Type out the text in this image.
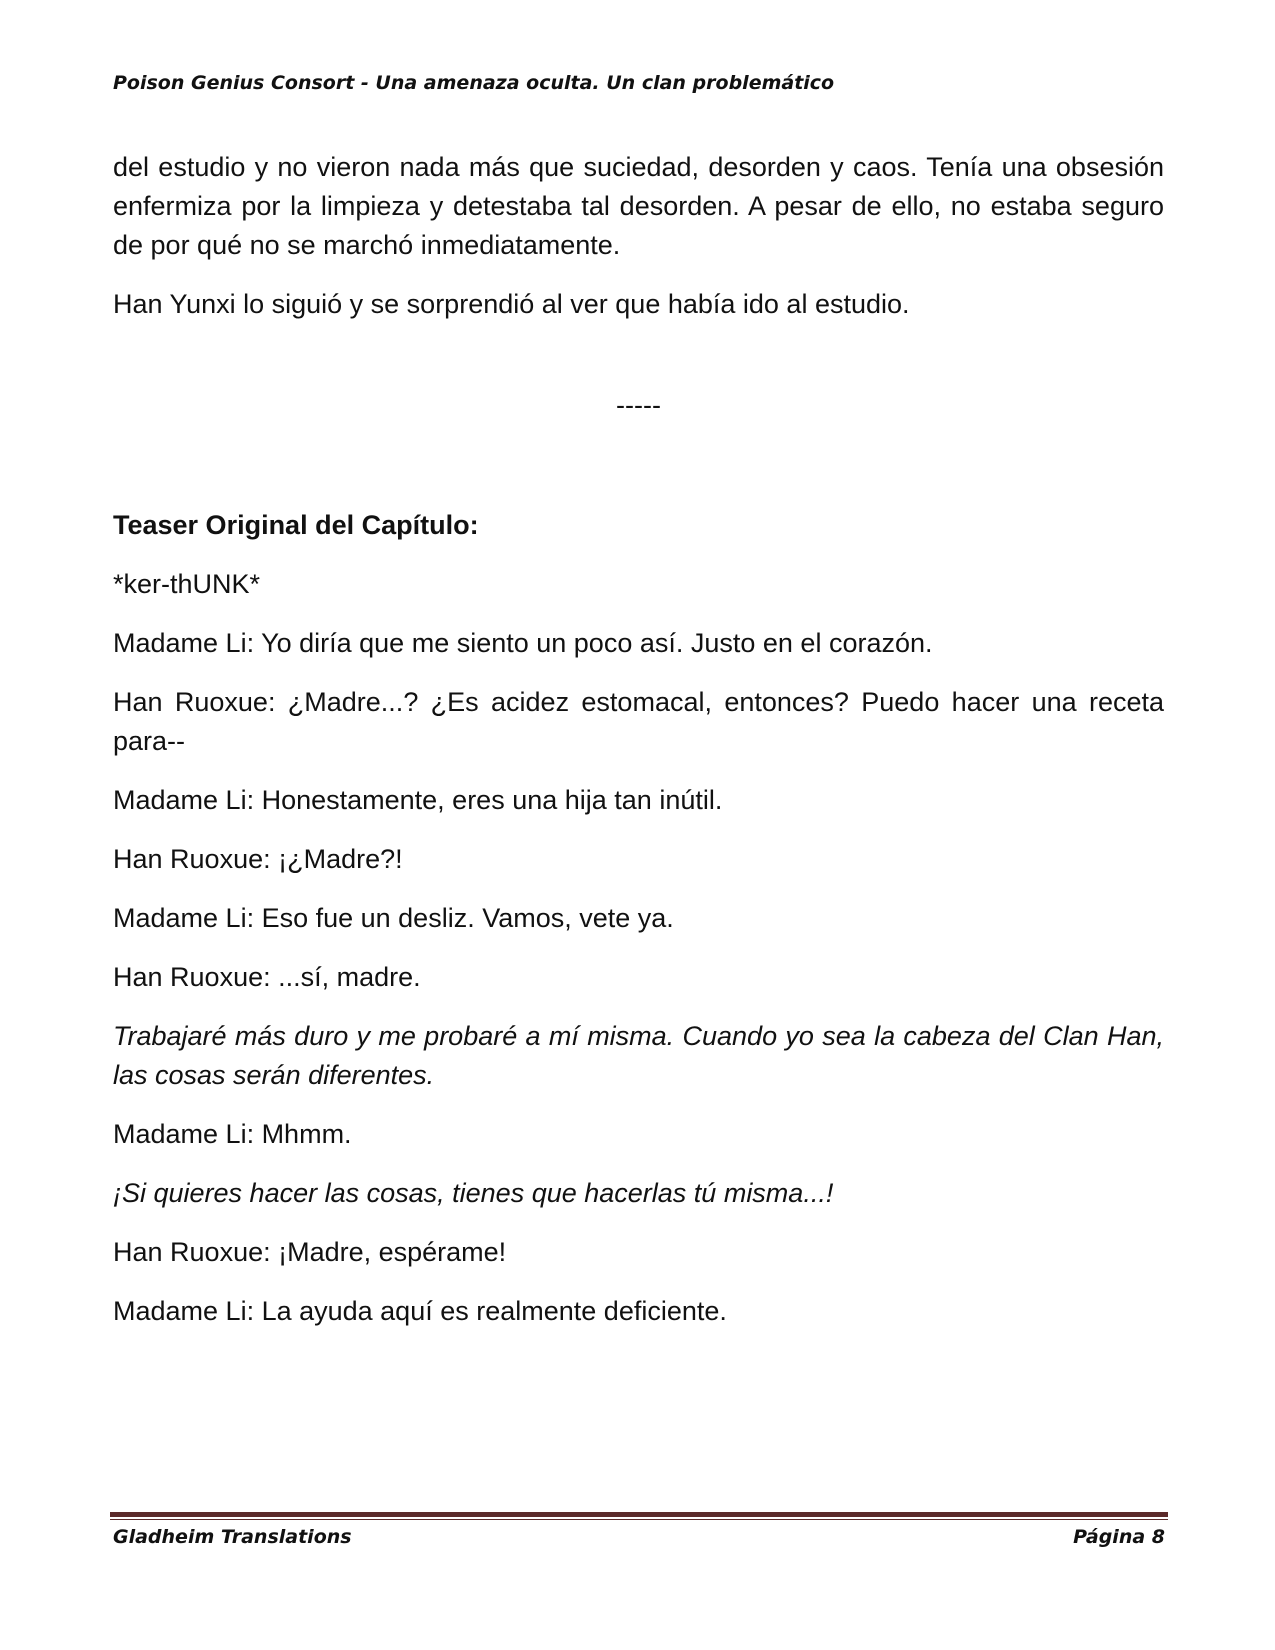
Poison Genius Consort - Una amenaza oculta. Un clan problemático

del estudio y no vieron nada más que suciedad, desorden y caos. Tenía una obsesión enfermiza por la limpieza y detestaba tal desorden. A pesar de ello, no estaba seguro de por qué no se marchó inmediatamente.

Han Yunxi lo siguió y se sorprendió al ver que había ido al estudio.

-----
Teaser Original del Capítulo:

*ker-thUNK*

Madame Li: Yo diría que me siento un poco así. Justo en el corazón.

Han Ruoxue: ¿Madre...? ¿Es acidez estomacal, entonces? Puedo hacer una receta para--

Madame Li: Honestamente, eres una hija tan inútil.

Han Ruoxue: ¡¿Madre?!

Madame Li: Eso fue un desliz. Vamos, vete ya.

Han Ruoxue: ...sí, madre.

Trabajaré más duro y me probaré a mí misma. Cuando yo sea la cabeza del Clan Han, las cosas serán diferentes.

Madame Li: Mhmm.

¡Si quieres hacer las cosas, tienes que hacerlas tú misma...!

Han Ruoxue: ¡Madre, espérame!

Madame Li: La ayuda aquí es realmente deficiente.

Gladheim Translations	Página 8
